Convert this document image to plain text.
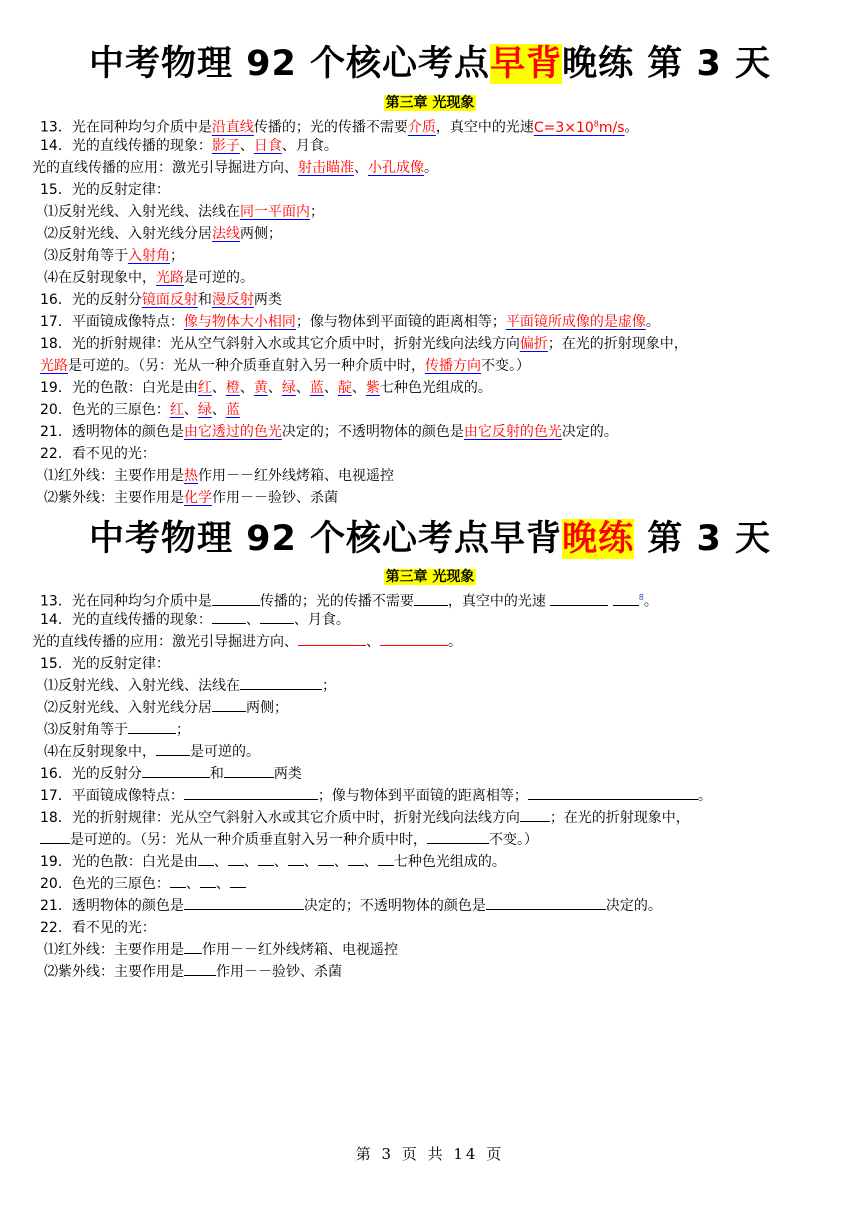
中考物理 92 个核心考点早背晚练 第 3 天
第三章 光现象
13．光在同种均匀介质中是沿直线传播的；光的传播不需要介质，真空中的光速$C=3\times 10^8m/s$。
14．光的直线传播的现象：影子、日食、月食。
光的直线传播的应用：激光引导掘进方向、射击瞄准、小孔成像。
15．光的反射定律：
⑴反射光线、入射光线、法线在同一平面内；
⑵反射光线、入射光线分居法线两侧；
⑶反射角等于入射角；
⑷在反射现象中，光路是可逆的。
16．光的反射分镜面反射和漫反射两类
17．平面镜成像特点：像与物体大小相同；像与物体到平面镜的距离相等；平面镜所成像的是虚像。
18．光的折射规律：光从空气斜射入水或其它介质中时，折射光线向法线方向偏折；在光的折射现象中，
光路是可逆的。（另：光从一种介质垂直射入另一种介质中时，传播方向不变。）
19．光的色散：白光是由红、橙、黄、绿、蓝、靛、紫七种色光组成的。
20．色光的三原色：红、绿、蓝
21．透明物体的颜色是由它透过的色光决定的；不透明物体的颜色是由它反射的色光决定的。
22．看不见的光：
⑴红外线：主要作用是热作用－－红外线烤箱、电视遥控
⑵紫外线：主要作用是化学作用－－验钞、杀菌
中考物理 92 个核心考点早背晚练 第 3 天
第三章 光现象
13．光在同种均匀介质中是	传播的；光的传播不需要 ，真空中的光速	$^8$。
14．光的直线传播的现象： 、 、月食。
光的直线传播的应用：激光引导掘进方向、	、	。
15．光的反射定律：
⑴反射光线、入射光线、法线在	；
⑵反射光线、入射光线分居 两侧；
⑶反射角等于	；
⑷在反射现象中， 是可逆的。
16．光的反射分	和	两类
17．平面镜成像特点：	；像与物体到平面镜的距离相等；	。
18．光的折射规律：光从空气斜射入水或其它介质中时，折射光线向法线方向 ；在光的折射现象中，
是可逆的。（另：光从一种介质垂直射入另一种介质中时，	不变。）
19．光的色散：白光是由 、 、 、 、 、 、 七种色光组成的。
20．色光的三原色： 、 、
21．透明物体的颜色是	决定的；不透明物体的颜色是	决定的。
22．看不见的光：
⑴红外线：主要作用是 作用－－红外线烤箱、电视遥控
⑵紫外线：主要作用是 作用－－验钞、杀菌
第 3 页 共 14 页
